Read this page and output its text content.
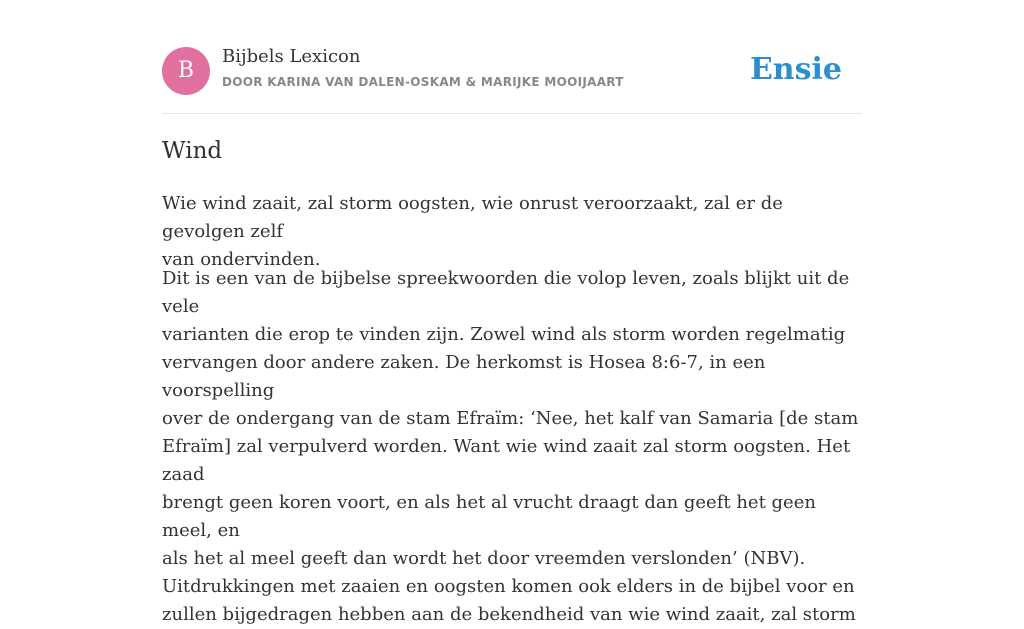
B
Bijbels Lexicon
DOOR KARINA VAN DALEN-OSKAM & MARIJKE MOOIJAART	Ensie
Wind

Wie wind zaait, zal storm oogsten, wie onrust veroorzaakt, zal er de gevolgen zelf
van ondervinden.

Dit is een van de bijbelse spreekwoorden die volop leven, zoals blijkt uit de vele
varianten die erop te vinden zijn. Zowel wind als storm worden regelmatig
vervangen door andere zaken. De herkomst is Hosea 8:6-7, in een voorspelling
over de ondergang van de stam Efraïm: ‘Nee, het kalf van Samaria [de stam
Efraïm] zal verpulverd worden. Want wie wind zaait zal storm oogsten. Het zaad
brengt geen koren voort, en als het al vrucht draagt dan geeft het geen meel, en
als het al meel geeft dan wordt het door vreemden verslonden’ (NBV).
Uitdrukkingen met zaaien en oogsten komen ook elders in de bijbel voor en
zullen bijgedragen hebben aan de bekendheid van wie wind zaait, zal storm
